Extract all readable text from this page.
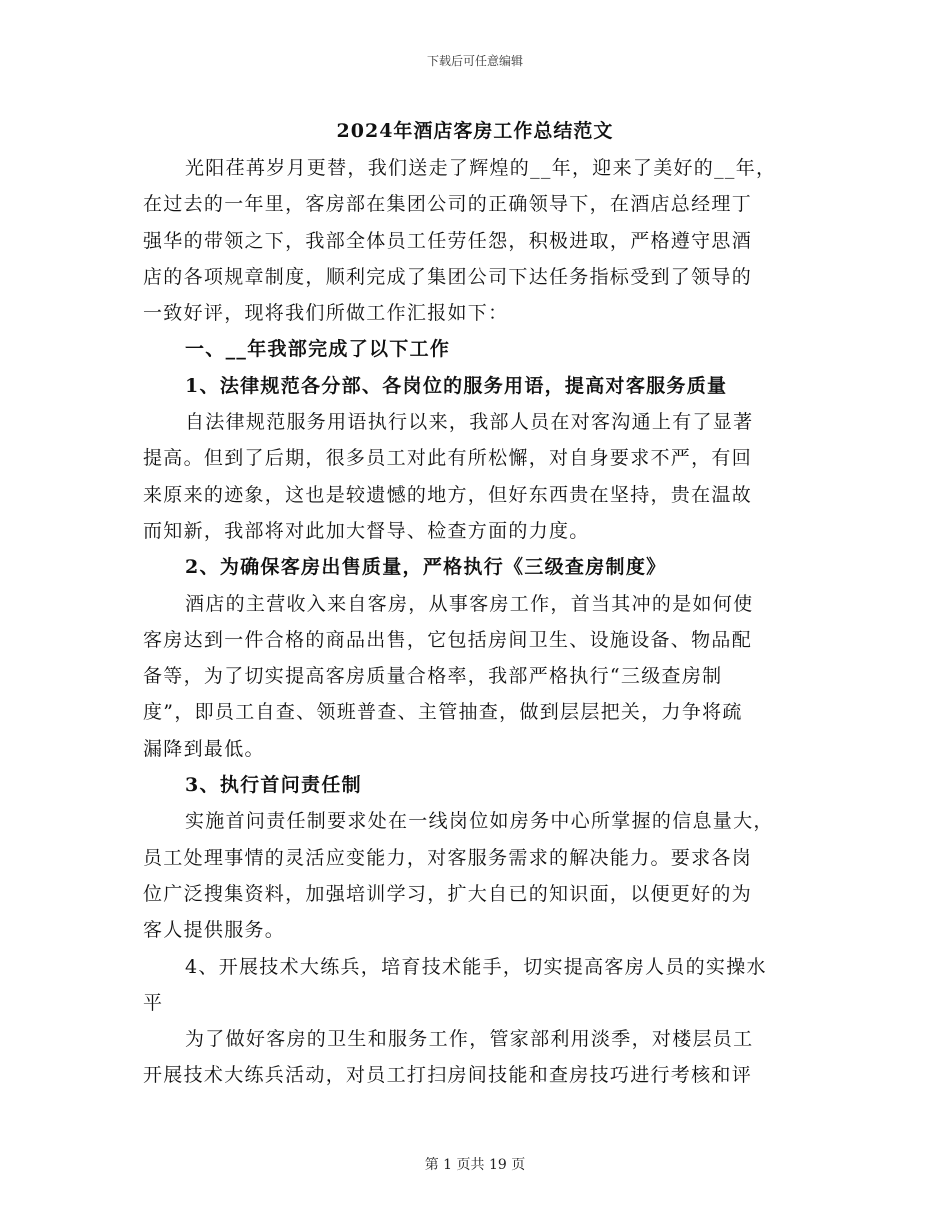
下载后可任意编辑
2024年酒店客房工作总结范文
光阳荏苒岁月更替，我们送走了辉煌的__年，迎来了美好的__年，
在过去的一年里，客房部在集团公司的正确领导下，在酒店总经理丁
强华的带领之下，我部全体员工任劳任怨，积极进取，严格遵守思酒
店的各项规章制度，顺利完成了集团公司下达任务指标受到了领导的
一致好评，现将我们所做工作汇报如下：
一、__年我部完成了以下工作
1、法律规范各分部、各岗位的服务用语，提高对客服务质量
自法律规范服务用语执行以来，我部人员在对客沟通上有了显著
提高。但到了后期，很多员工对此有所松懈，对自身要求不严，有回
来原来的迹象，这也是较遗憾的地方，但好东西贵在坚持，贵在温故
而知新，我部将对此加大督导、检查方面的力度。
2、为确保客房出售质量，严格执行《三级查房制度》
酒店的主营收入来自客房，从事客房工作，首当其冲的是如何使
客房达到一件合格的商品出售，它包括房间卫生、设施设备、物品配
备等，为了切实提高客房质量合格率，我部严格执行“三级查房制
度”，即员工自查、领班普查、主管抽查，做到层层把关，力争将疏
漏降到最低。
3、执行首问责任制
实施首问责任制要求处在一线岗位如房务中心所掌握的信息量大，
员工处理事情的灵活应变能力，对客服务需求的解决能力。要求各岗
位广泛搜集资料，加强培训学习，扩大自已的知识面，以便更好的为
客人提供服务。
4、开展技术大练兵，培育技术能手，切实提高客房人员的实操水
平
为了做好客房的卫生和服务工作，管家部利用淡季，对楼层员工
开展技术大练兵活动，对员工打扫房间技能和查房技巧进行考核和评
第 1 页共 19 页
